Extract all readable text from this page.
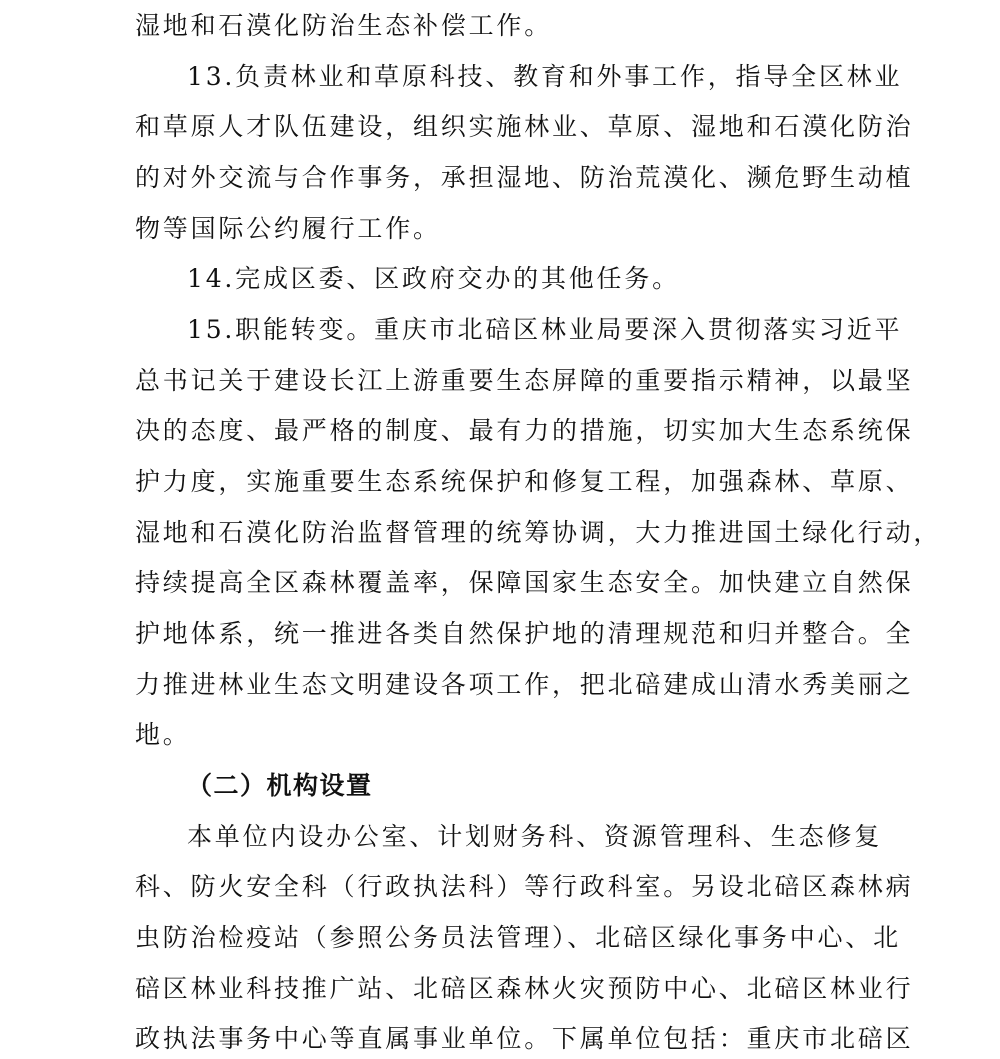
湿地和石漠化防治生态补偿工作。
13.负责林业和草原科技、教育和外事工作，指导全区林业
和草原人才队伍建设，组织实施林业、草原、湿地和石漠化防治
的对外交流与合作事务，承担湿地、防治荒漠化、濒危野生动植
物等国际公约履行工作。
14.完成区委、区政府交办的其他任务。
15.职能转变。重庆市北碚区林业局要深入贯彻落实习近平
总书记关于建设长江上游重要生态屏障的重要指示精神，以最坚
决的态度、最严格的制度、最有力的措施，切实加大生态系统保
护力度，实施重要生态系统保护和修复工程，加强森林、草原、
湿地和石漠化防治监督管理的统筹协调，大力推进国土绿化行动，
持续提高全区森林覆盖率，保障国家生态安全。加快建立自然保
护地体系，统一推进各类自然保护地的清理规范和归并整合。全
力推进林业生态文明建设各项工作，把北碚建成山清水秀美丽之
地。
（二）机构设置
本单位内设办公室、计划财务科、资源管理科、生态修复
科、防火安全科（行政执法科）等行政科室。另设北碚区森林病
虫防治检疫站（参照公务员法管理）、北碚区绿化事务中心、北
碚区林业科技推广站、北碚区森林火灾预防中心、北碚区林业行
政执法事务中心等直属事业单位。下属单位包括：重庆市北碚区
